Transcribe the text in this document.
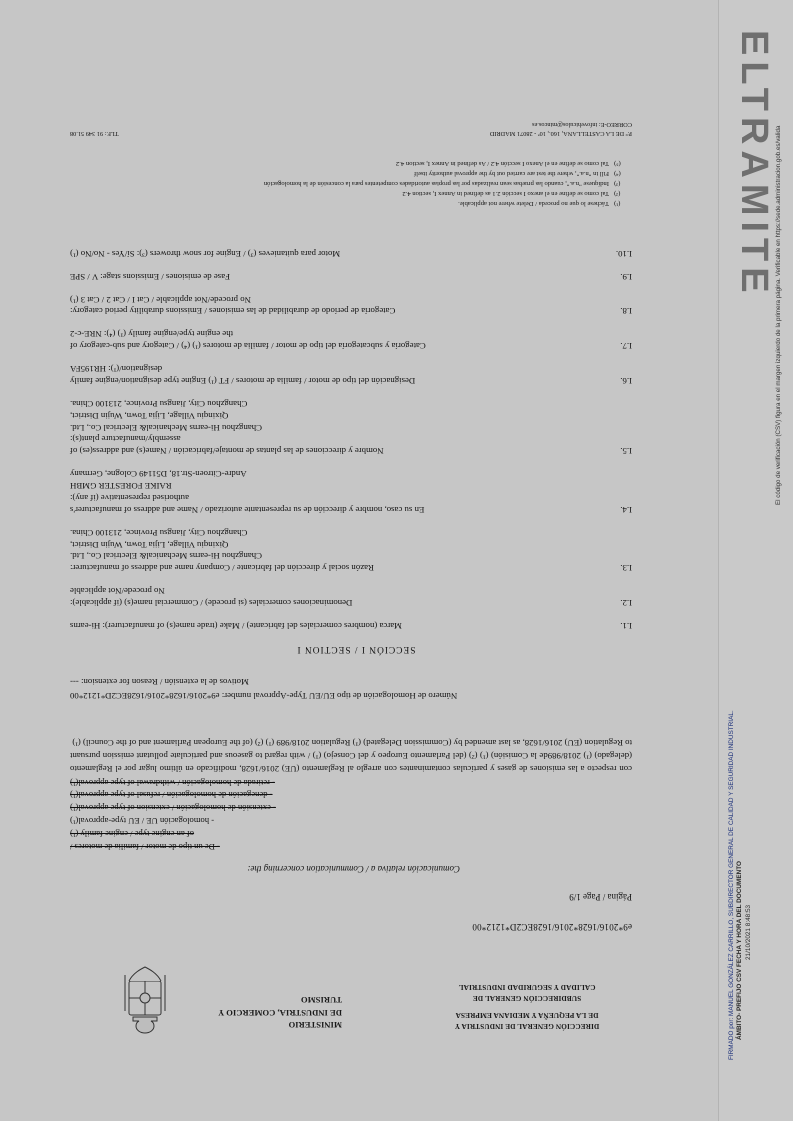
DIRECCIÓN GENERAL DE INDUSTRIA Y
DE LA PEQUEÑA Y MEDIANA EMPRESA
SUBDIRECCIÓN GENERAL DE
CALIDAD Y SEGURIDAD INDUSTRIAL
MINISTERIO
DE INDUSTRIA, COMERCIO Y
TURISMO
e9*2016/1628*2016/1628EC2D*1212*00
Página / Page 1/9
Comunicación relativa a / Communication concerning the:
- De un tipo de motor / familia de motores /
of an engine type / engine family (¹)
- homologación UE / EU type-approval(¹)
- extensión de homologación / extension of type approval(¹)
- denegación de homologación / refusal of type approval(¹)
- retirada de homologación / withdrawal of type approval(¹)
con respecto a las emisiones de gases y partículas contaminantes con arreglo al Reglamento (UE) 2016/1628, modificado en último lugar por el Reglamento (delegado) (¹) 2018/989de la Comisión) (¹) (²) (del Parlamento Europeo y del Consejo) (¹) / with regard to gaseous and particulate pollutant emission pursuant to Regulation (EU) 2016/1628, as last amended by (Commission Delegated) (¹) Regulation 2018/989 (¹) (²) (of the European Parliament and of the Council) (¹)
Número de Homologación de tipo EU/EU Type-Approval number: e9*2016/1628*2016/1628EC2D*1212*00
Motivos de la extensión / Reason for extension: ---
SECCIÓN I / SECTION I
I.1.
Marca (nombres comerciales del fabricante) / Make (trade name(s) of manufacturer): Hi-earns
I.2.
Denominaciones comerciales (si procede) / Commercial name(s) (if applicable):
No procede/Not applicable
I.3.
Razón social y dirección del fabricante / Company name and address of manufacturer:
Changzhou Hi-earns Mechanical& Electrical Co., Ltd.
Qixinqiu Village, Lijia Town, Wujin District,
Changzhou City, Jiangsu Province, 213100 China.
I.4.
En su caso, nombre y dirección de su representante autorizado / Name and address of manufacturer's
authorised representative (if any):
RAIKE FORESTER GMBH
Andre-Citroen-Str.18, D51149 Cologne, Germany
I.5.
Nombre y direcciones de las plantas de montaje/fabricación / Name(s) and address(es) of
assembly/manufacture plant(s):
Changzhou Hi-earns Mechanical& Electrical Co., Ltd.
Qixinqiu Village, Lijia Town, Wujin District,
Changzhou City, Jiangsu Province, 213100 China.
I.6.
Designación del tipo de motor / familia de motores / FT (¹) Engine type designation/engine family
designation/(¹): HR195FA
I.7.
Categoría y subcategoría del tipo de motor / familia de motores (¹) (⁴) / Category and sub-category of
the engine type/engine family (¹) (⁴): NRE-c-2
I.8.
Categoría de período de durabilidad de las emisiones / Emissions durability period category:
No procede/Not applicable / Cat I / Cat 2 / Cat 3 (¹)
I.9.
Fase de emisiones / Emissions stage: V / SPE
I.10.
Motor para quitanieves (³) / Engine for snow throwers (³): Sí/Yes - No/No (¹)
(¹)
Táchese lo que no proceda / Delete where not applicable.
(²)
Tal como se define en el anexo I sección 2.1 as defined in Annex I, section 4.2
(³)
Indíquese "n.a.", cuando las pruebas sean realizadas por las propias autoridades competentes para la concesión de la homologación
(⁴)
Fill in "n.a.", where the test are carried out by the approval authority itself
(⁵)
Tal como se define en el Anexo I sección 4.2 / As defined in Annex I, section 4.2
P.º DE LA CASTELLANA, 160., 10ª - 28071 MADRID
TLF.: 91 349 51.08
CORREO-E: infovehiculos@mincos.es	ELTRAMITE
21/10/2021 8:48:53
ÁMBITO- PREFIJO CSV FECHA Y HORA DEL DOCUMENTO
FIRMADO por: MANUEL GONZÁLEZ CARRILLO, SUBDIRECTOR GENERAL DE CALIDAD Y SEGURIDAD INDUSTRIAL.
El código de verificación (CSV) figura en el margen izquierdo de la primera página. Verificable en https://sede.administracion.gob.es/valida
